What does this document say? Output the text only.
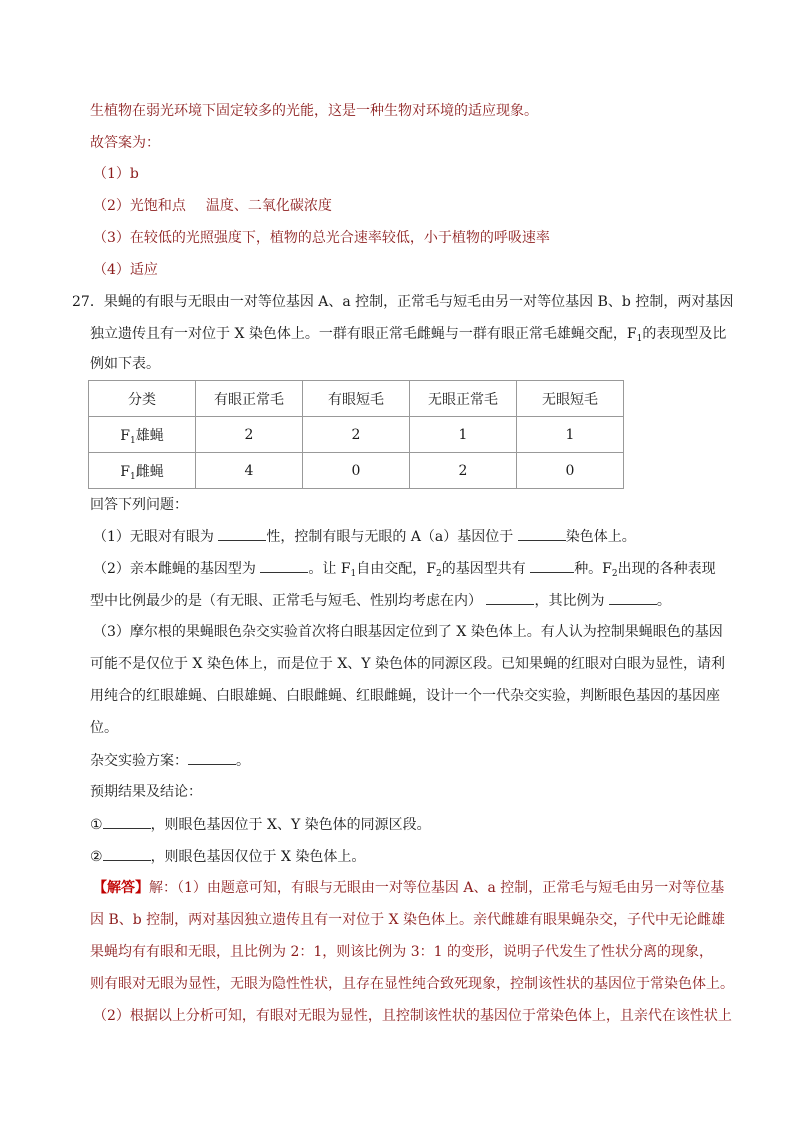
生植物在弱光环境下固定较多的光能，这是一种生物对环境的适应现象。
故答案为：
（1）b
（2）光饱和点 温度、二氧化碳浓度
（3）在较低的光照强度下，植物的总光合速率较低，小于植物的呼吸速率
（4）适应
27．果蝇的有眼与无眼由一对等位基因 A、a 控制，正常毛与短毛由另一对等位基因 B、b 控制，两对基因
独立遗传且有一对位于 X 染色体上。一群有眼正常毛雌蝇与一群有眼正常毛雄蝇交配，$F_1$的表现型及比
例如下表。
分类	有眼正常毛	有眼短毛	无眼正常毛	无眼短毛
$F_1$雄蝇	2	2	1	1
$F_1$雌蝇	4	0	2	0
回答下列问题：
（1）无眼对有眼为	性，控制有眼与无眼的 A（a）基因位于	染色体上。
（2）亲本雌蝇的基因型为	。让 $F_1$自由交配，$F_2$的基因型共有	种。$F_2$出现的各种表现
型中比例最少的是（有无眼、正常毛与短毛、性别均考虑在内）	，其比例为	。
（3）摩尔根的果蝇眼色杂交实验首次将白眼基因定位到了 X 染色体上。有人认为控制果蝇眼色的基因
可能不是仅位于 X 染色体上，而是位于 X、Y 染色体的同源区段。已知果蝇的红眼对白眼为显性，请利
用纯合的红眼雄蝇、白眼雄蝇、白眼雌蝇、红眼雌蝇，设计一个一代杂交实验，判断眼色基因的基因座
位。
杂交实验方案：	。
预期结果及结论：
①	，则眼色基因位于 X、Y 染色体的同源区段。
②	，则眼色基因仅位于 X 染色体上。
【解答】解：（1）由题意可知，有眼与无眼由一对等位基因 A、a 控制，正常毛与短毛由另一对等位基
因 B、b 控制，两对基因独立遗传且有一对位于 X 染色体上。亲代雌雄有眼果蝇杂交，子代中无论雌雄
果蝇均有有眼和无眼，且比例为 2：1，则该比例为 3：1 的变形，说明子代发生了性状分离的现象，
则有眼对无眼为显性，无眼为隐性性状，且存在显性纯合致死现象，控制该性状的基因位于常染色体上。
（2）根据以上分析可知，有眼对无眼为显性，且控制该性状的基因位于常染色体上，且亲代在该性状上
